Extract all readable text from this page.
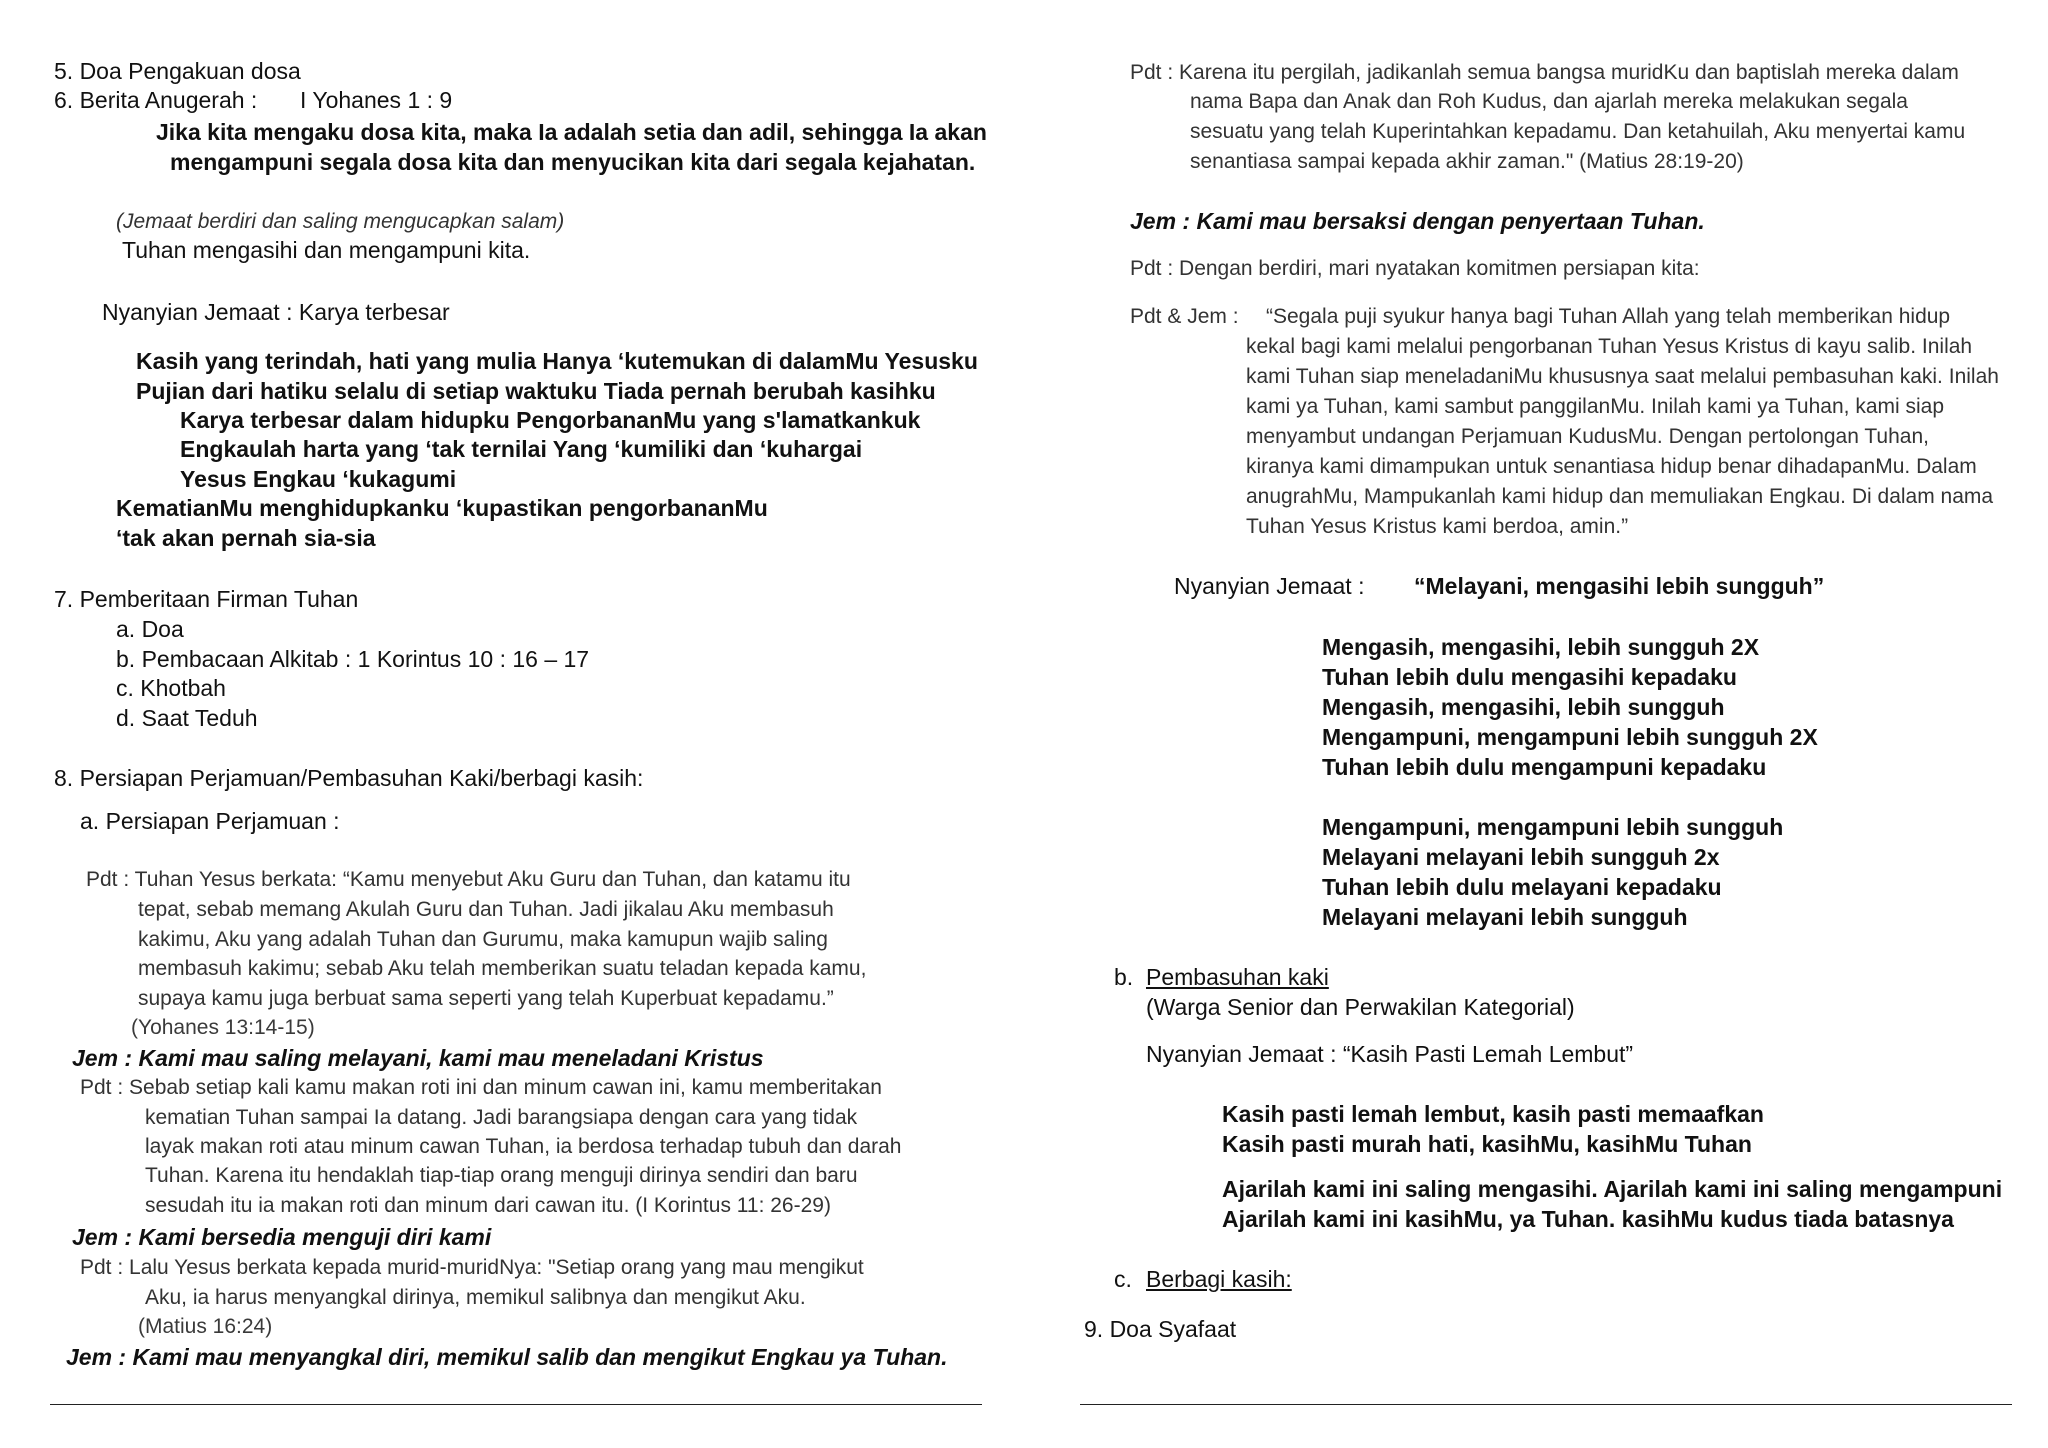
5. Doa Pengakuan dosa
6. Berita Anugerah : I Yohanes 1 : 9
Jika kita mengaku dosa kita, maka Ia adalah setia dan adil, sehingga Ia akan
mengampuni segala dosa kita dan menyucikan kita dari segala kejahatan.
(Jemaat berdiri dan saling mengucapkan salam)
Tuhan mengasihi dan mengampuni kita.
Nyanyian Jemaat : Karya terbesar
Kasih yang terindah, hati yang mulia Hanya ‘kutemukan di dalamMu Yesusku
Pujian dari hatiku selalu di setiap waktuku Tiada pernah berubah kasihku
Karya terbesar dalam hidupku PengorbananMu yang s'lamatkankuk
Engkaulah harta yang ‘tak ternilai Yang ‘kumiliki dan ‘kuhargai
Yesus Engkau ‘kukagumi
KematianMu menghidupkanku ‘kupastikan pengorbananMu
‘tak akan pernah sia-sia
7. Pemberitaan Firman Tuhan
a. Doa
b. Pembacaan Alkitab : 1 Korintus 10 : 16 – 17
c. Khotbah
d. Saat Teduh
8. Persiapan Perjamuan/Pembasuhan Kaki/berbagi kasih:
a. Persiapan Perjamuan :
Pdt : Tuhan Yesus berkata: “Kamu menyebut Aku Guru dan Tuhan, dan katamu itu
tepat, sebab memang Akulah Guru dan Tuhan. Jadi jikalau Aku membasuh
kakimu, Aku yang adalah Tuhan dan Gurumu, maka kamupun wajib saling
membasuh kakimu; sebab Aku telah memberikan suatu teladan kepada kamu,
supaya kamu juga berbuat sama seperti yang telah Kuperbuat kepadamu.”
(Yohanes 13:14-15)
Jem : Kami mau saling melayani, kami mau meneladani Kristus
Pdt : Sebab setiap kali kamu makan roti ini dan minum cawan ini, kamu memberitakan
kematian Tuhan sampai Ia datang. Jadi barangsiapa dengan cara yang tidak
layak makan roti atau minum cawan Tuhan, ia berdosa terhadap tubuh dan darah
Tuhan. Karena itu hendaklah tiap-tiap orang menguji dirinya sendiri dan baru
sesudah itu ia makan roti dan minum dari cawan itu. (I Korintus 11: 26-29)
Jem : Kami bersedia menguji diri kami
Pdt : Lalu Yesus berkata kepada murid-muridNya: "Setiap orang yang mau mengikut
Aku, ia harus menyangkal dirinya, memikul salibnya dan mengikut Aku.
(Matius 16:24)
Jem : Kami mau menyangkal diri, memikul salib dan mengikut Engkau ya Tuhan.
Pdt : Karena itu pergilah, jadikanlah semua bangsa muridKu dan baptislah mereka dalam
nama Bapa dan Anak dan Roh Kudus, dan ajarlah mereka melakukan segala
sesuatu yang telah Kuperintahkan kepadamu. Dan ketahuilah, Aku menyertai kamu
senantiasa sampai kepada akhir zaman." (Matius 28:19-20)
Jem : Kami mau bersaksi dengan penyertaan Tuhan.
Pdt : Dengan berdiri, mari nyatakan komitmen persiapan kita:
Pdt & Jem : “Segala puji syukur hanya bagi Tuhan Allah yang telah memberikan hidup
kekal bagi kami melalui pengorbanan Tuhan Yesus Kristus di kayu salib. Inilah
kami Tuhan siap meneladaniMu khususnya saat melalui pembasuhan kaki. Inilah
kami ya Tuhan, kami sambut panggilanMu. Inilah kami ya Tuhan, kami siap
menyambut undangan Perjamuan KudusMu. Dengan pertolongan Tuhan,
kiranya kami dimampukan untuk senantiasa hidup benar dihadapanMu. Dalam
anugrahMu, Mampukanlah kami hidup dan memuliakan Engkau. Di dalam nama
Tuhan Yesus Kristus kami berdoa, amin.”
Nyanyian Jemaat : “Melayani, mengasihi lebih sungguh”
Mengasih, mengasihi, lebih sungguh 2X
Tuhan lebih dulu mengasihi kepadaku
Mengasih, mengasihi, lebih sungguh
Mengampuni, mengampuni lebih sungguh 2X
Tuhan lebih dulu mengampuni kepadaku
Mengampuni, mengampuni lebih sungguh
Melayani melayani lebih sungguh 2x
Tuhan lebih dulu melayani kepadaku
Melayani melayani lebih sungguh
b. Pembasuhan kaki
(Warga Senior dan Perwakilan Kategorial)
Nyanyian Jemaat : “Kasih Pasti Lemah Lembut”
Kasih pasti lemah lembut, kasih pasti memaafkan
Kasih pasti murah hati, kasihMu, kasihMu Tuhan
Ajarilah kami ini saling mengasihi. Ajarilah kami ini saling mengampuni
Ajarilah kami ini kasihMu, ya Tuhan. kasihMu kudus tiada batasnya
c. Berbagi kasih:
9. Doa Syafaat
